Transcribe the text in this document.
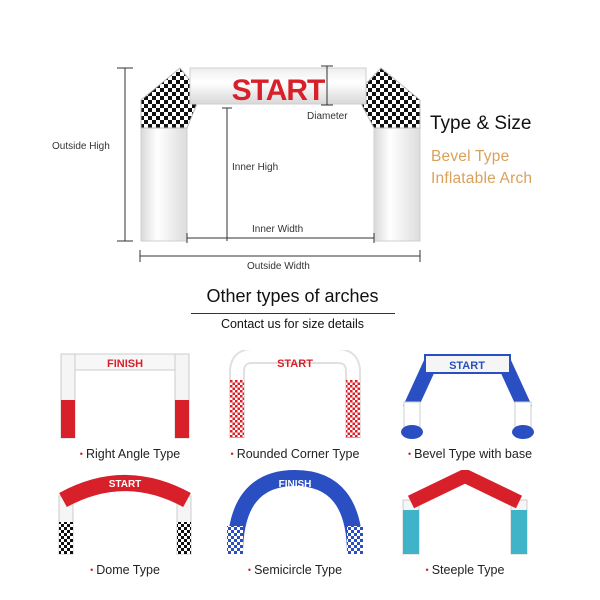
START
Diameter
Outside High
Inner High
Inner Width
Outside Width
Type & Size
Bevel Type
Inflatable Arch
Other types of arches
Contact us for size details
FINISH	START	START
START	FINISH
• Right Angle Type	• Rounded Corner Type	• Bevel Type with base
• Dome Type	• Semicircle Type	• Steeple Type
